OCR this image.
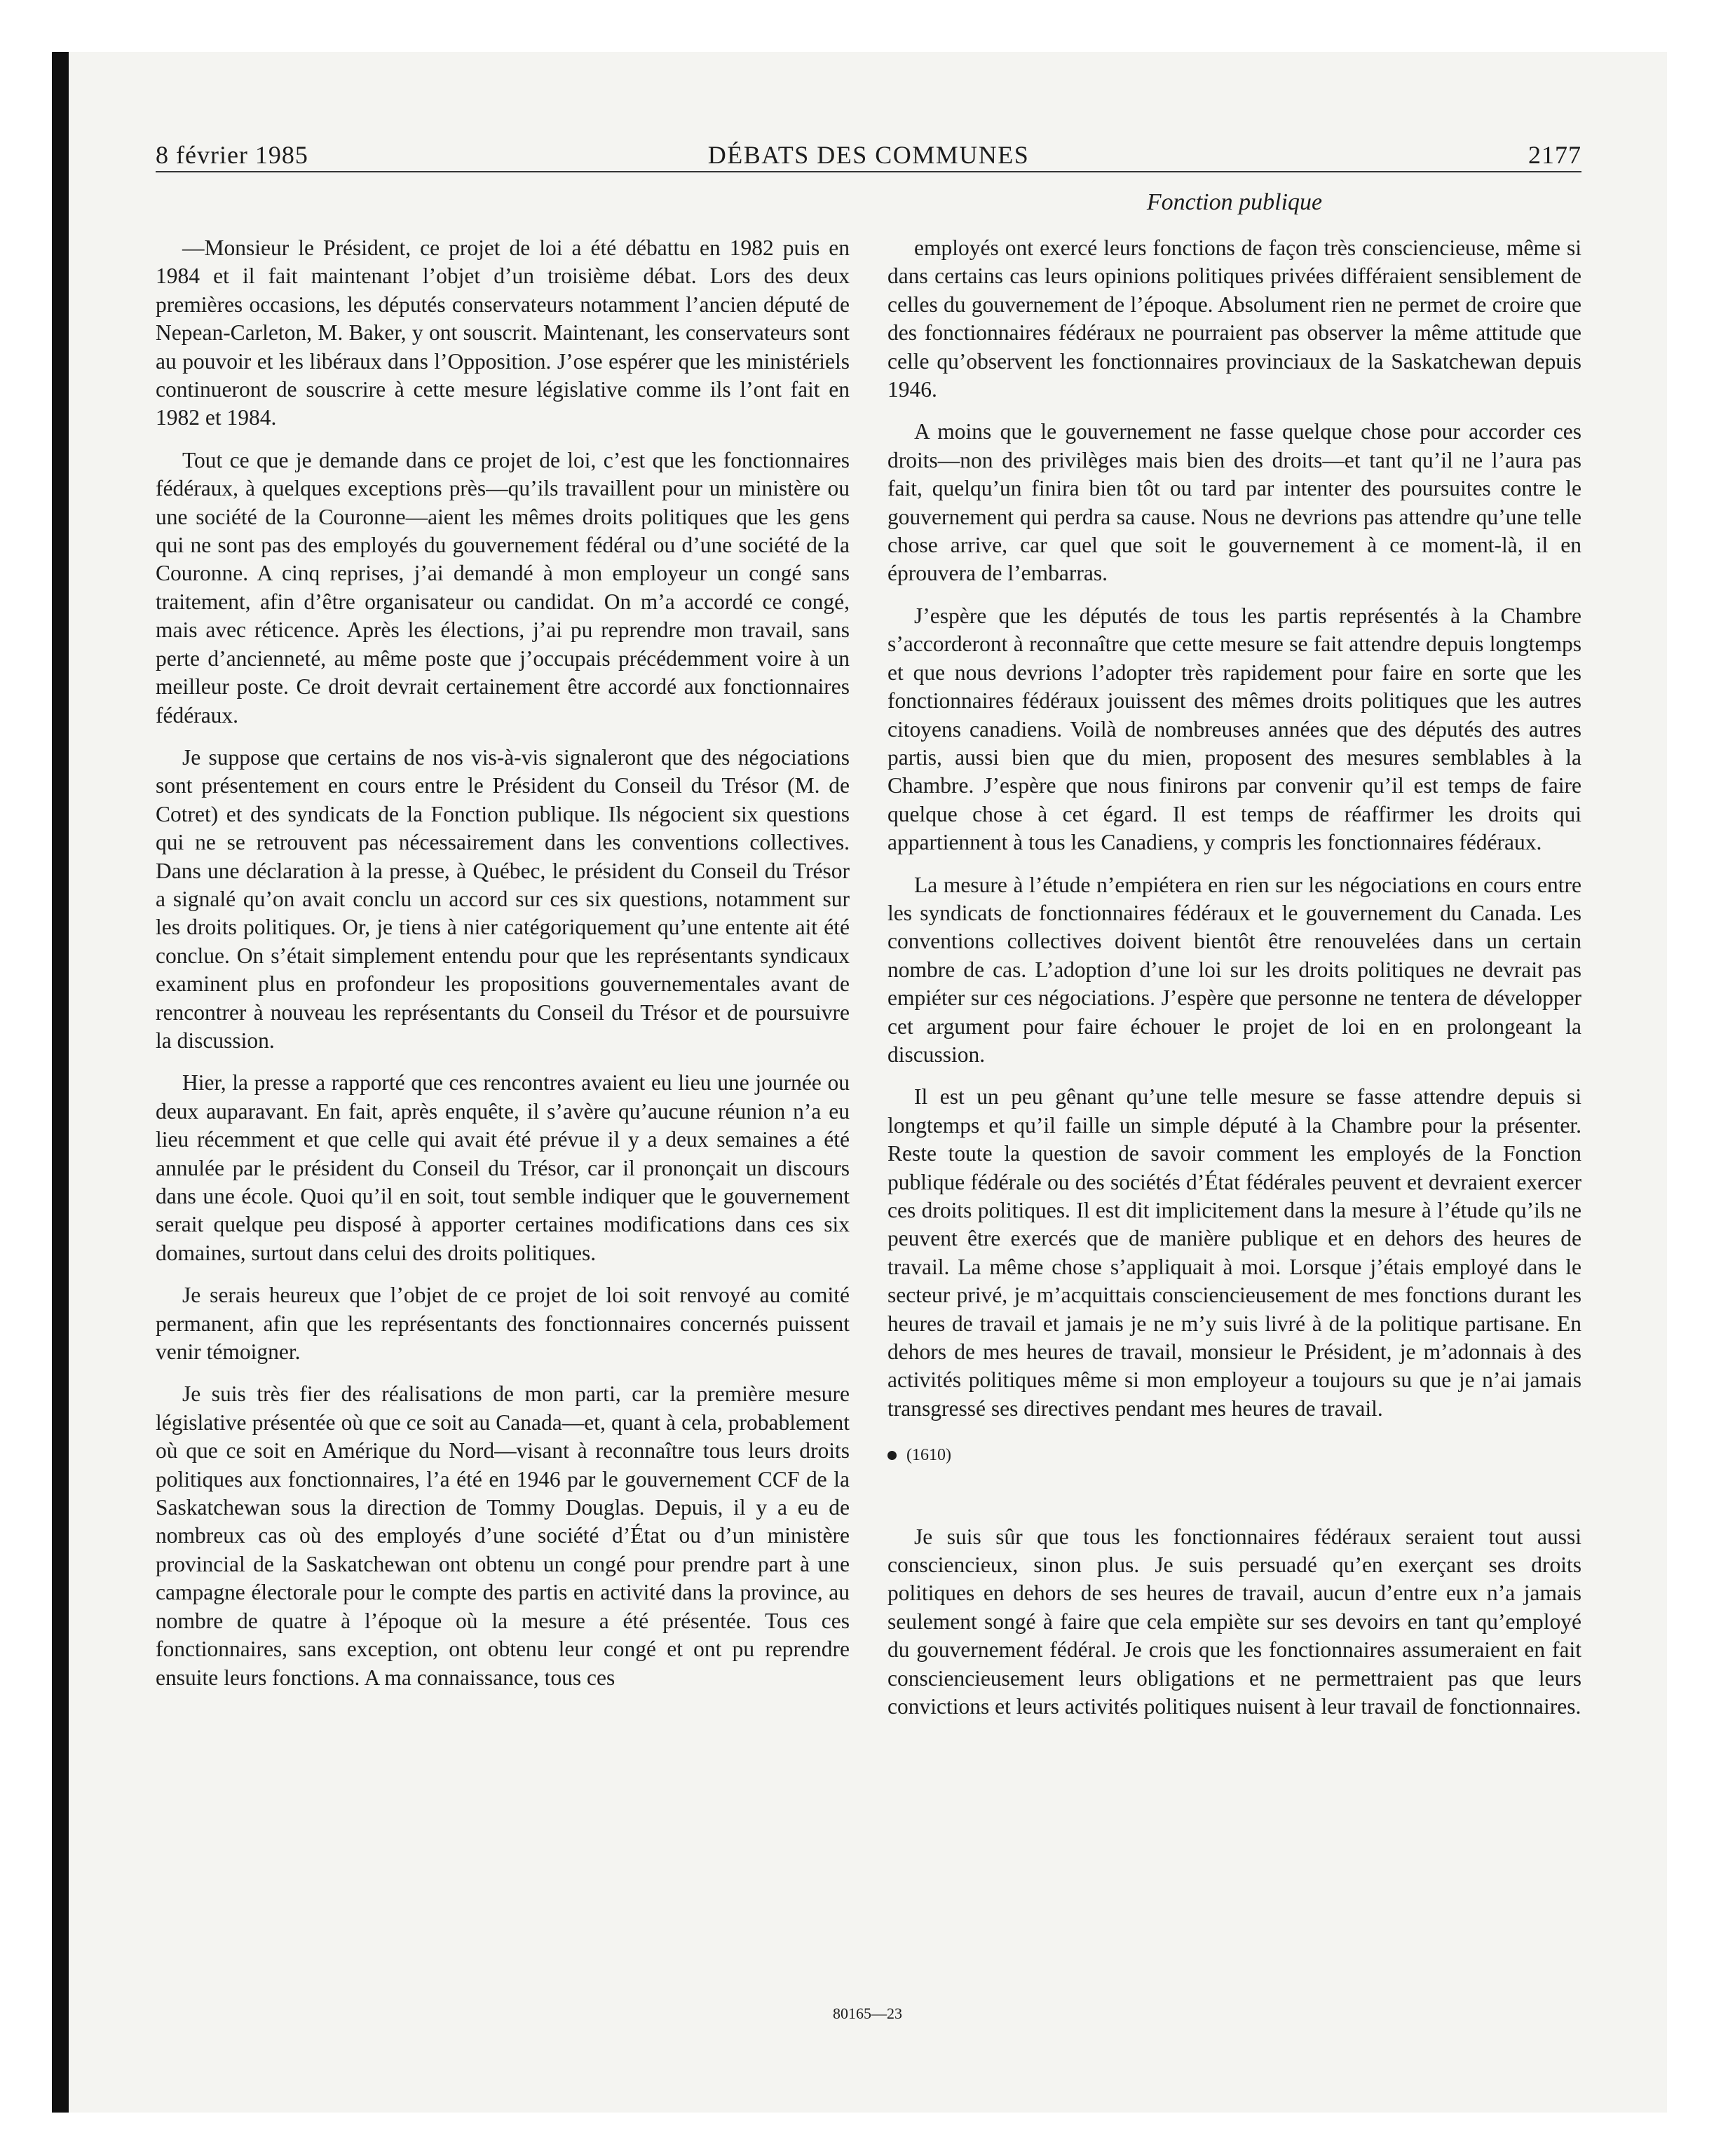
8 février 1985	DÉBATS DES COMMUNES	2177
Fonction publique

—Monsieur le Président, ce projet de loi a été débattu en 1982 puis en 1984 et il fait maintenant l’objet d’un troisième débat. Lors des deux premières occasions, les députés conservateurs notamment l’ancien député de Nepean-Carleton, M. Baker, y ont souscrit. Maintenant, les conservateurs sont au pouvoir et les libéraux dans l’Opposition. J’ose espérer que les ministériels continueront de souscrire à cette mesure législative comme ils l’ont fait en 1982 et 1984.

Tout ce que je demande dans ce projet de loi, c’est que les fonctionnaires fédéraux, à quelques exceptions près—qu’ils travaillent pour un ministère ou une société de la Couronne—aient les mêmes droits politiques que les gens qui ne sont pas des employés du gouvernement fédéral ou d’une société de la Couronne. A cinq reprises, j’ai demandé à mon employeur un congé sans traitement, afin d’être organisateur ou candidat. On m’a accordé ce congé, mais avec réticence. Après les élections, j’ai pu reprendre mon travail, sans perte d’ancienneté, au même poste que j’occupais précédemment voire à un meilleur poste. Ce droit devrait certainement être accordé aux fonctionnaires fédéraux.

Je suppose que certains de nos vis-à-vis signaleront que des négociations sont présentement en cours entre le Président du Conseil du Trésor (M. de Cotret) et des syndicats de la Fonction publique. Ils négocient six questions qui ne se retrouvent pas nécessairement dans les conventions collectives. Dans une déclaration à la presse, à Québec, le président du Conseil du Trésor a signalé qu’on avait conclu un accord sur ces six questions, notamment sur les droits politiques. Or, je tiens à nier catégoriquement qu’une entente ait été conclue. On s’était simplement entendu pour que les représentants syndicaux examinent plus en profondeur les propositions gouvernementales avant de rencontrer à nouveau les représentants du Conseil du Trésor et de poursuivre la discussion.

Hier, la presse a rapporté que ces rencontres avaient eu lieu une journée ou deux auparavant. En fait, après enquête, il s’avère qu’aucune réunion n’a eu lieu récemment et que celle qui avait été prévue il y a deux semaines a été annulée par le président du Conseil du Trésor, car il prononçait un discours dans une école. Quoi qu’il en soit, tout semble indiquer que le gouvernement serait quelque peu disposé à apporter certaines modifications dans ces six domaines, surtout dans celui des droits politiques.

Je serais heureux que l’objet de ce projet de loi soit renvoyé au comité permanent, afin que les représentants des fonctionnaires concernés puissent venir témoigner.

Je suis très fier des réalisations de mon parti, car la première mesure législative présentée où que ce soit au Canada—et, quant à cela, probablement où que ce soit en Amérique du Nord—visant à reconnaître tous leurs droits politiques aux fonctionnaires, l’a été en 1946 par le gouvernement CCF de la Saskatchewan sous la direction de Tommy Douglas. Depuis, il y a eu de nombreux cas où des employés d’une société d’État ou d’un ministère provincial de la Saskatchewan ont obtenu un congé pour prendre part à une campagne électorale pour le compte des partis en activité dans la province, au nombre de quatre à l’époque où la mesure a été présentée. Tous ces fonctionnaires, sans exception, ont obtenu leur congé et ont pu reprendre ensuite leurs fonctions. A ma connaissance, tous ces

employés ont exercé leurs fonctions de façon très consciencieuse, même si dans certains cas leurs opinions politiques privées différaient sensiblement de celles du gouvernement de l’époque. Absolument rien ne permet de croire que des fonctionnaires fédéraux ne pourraient pas observer la même attitude que celle qu’observent les fonctionnaires provinciaux de la Saskatchewan depuis 1946.

A moins que le gouvernement ne fasse quelque chose pour accorder ces droits—non des privilèges mais bien des droits—et tant qu’il ne l’aura pas fait, quelqu’un finira bien tôt ou tard par intenter des poursuites contre le gouvernement qui perdra sa cause. Nous ne devrions pas attendre qu’une telle chose arrive, car quel que soit le gouvernement à ce moment-là, il en éprouvera de l’embarras.

J’espère que les députés de tous les partis représentés à la Chambre s’accorderont à reconnaître que cette mesure se fait attendre depuis longtemps et que nous devrions l’adopter très rapidement pour faire en sorte que les fonctionnaires fédéraux jouissent des mêmes droits politiques que les autres citoyens canadiens. Voilà de nombreuses années que des députés des autres partis, aussi bien que du mien, proposent des mesures semblables à la Chambre. J’espère que nous finirons par convenir qu’il est temps de faire quelque chose à cet égard. Il est temps de réaffirmer les droits qui appartiennent à tous les Canadiens, y compris les fonctionnaires fédéraux.

La mesure à l’étude n’empiétera en rien sur les négociations en cours entre les syndicats de fonctionnaires fédéraux et le gouvernement du Canada. Les conventions collectives doivent bientôt être renouvelées dans un certain nombre de cas. L’adoption d’une loi sur les droits politiques ne devrait pas empiéter sur ces négociations. J’espère que personne ne tentera de développer cet argument pour faire échouer le projet de loi en en prolongeant la discussion.

Il est un peu gênant qu’une telle mesure se fasse attendre depuis si longtemps et qu’il faille un simple député à la Chambre pour la présenter. Reste toute la question de savoir comment les employés de la Fonction publique fédérale ou des sociétés d’État fédérales peuvent et devraient exercer ces droits politiques. Il est dit implicitement dans la mesure à l’étude qu’ils ne peuvent être exercés que de manière publique et en dehors des heures de travail. La même chose s’appliquait à moi. Lorsque j’étais employé dans le secteur privé, je m’acquittais consciencieusement de mes fonctions durant les heures de travail et jamais je ne m’y suis livré à de la politique partisane. En dehors de mes heures de travail, monsieur le Président, je m’adonnais à des activités politiques même si mon employeur a toujours su que je n’ai jamais transgressé ses directives pendant mes heures de travail.

(1610)

Je suis sûr que tous les fonctionnaires fédéraux seraient tout aussi consciencieux, sinon plus. Je suis persuadé qu’en exerçant ses droits politiques en dehors de ses heures de travail, aucun d’entre eux n’a jamais seulement songé à faire que cela empiète sur ses devoirs en tant qu’employé du gouvernement fédéral. Je crois que les fonctionnaires assumeraient en fait consciencieusement leurs obligations et ne permettraient pas que leurs convictions et leurs activités politiques nuisent à leur travail de fonctionnaires.

80165—23
